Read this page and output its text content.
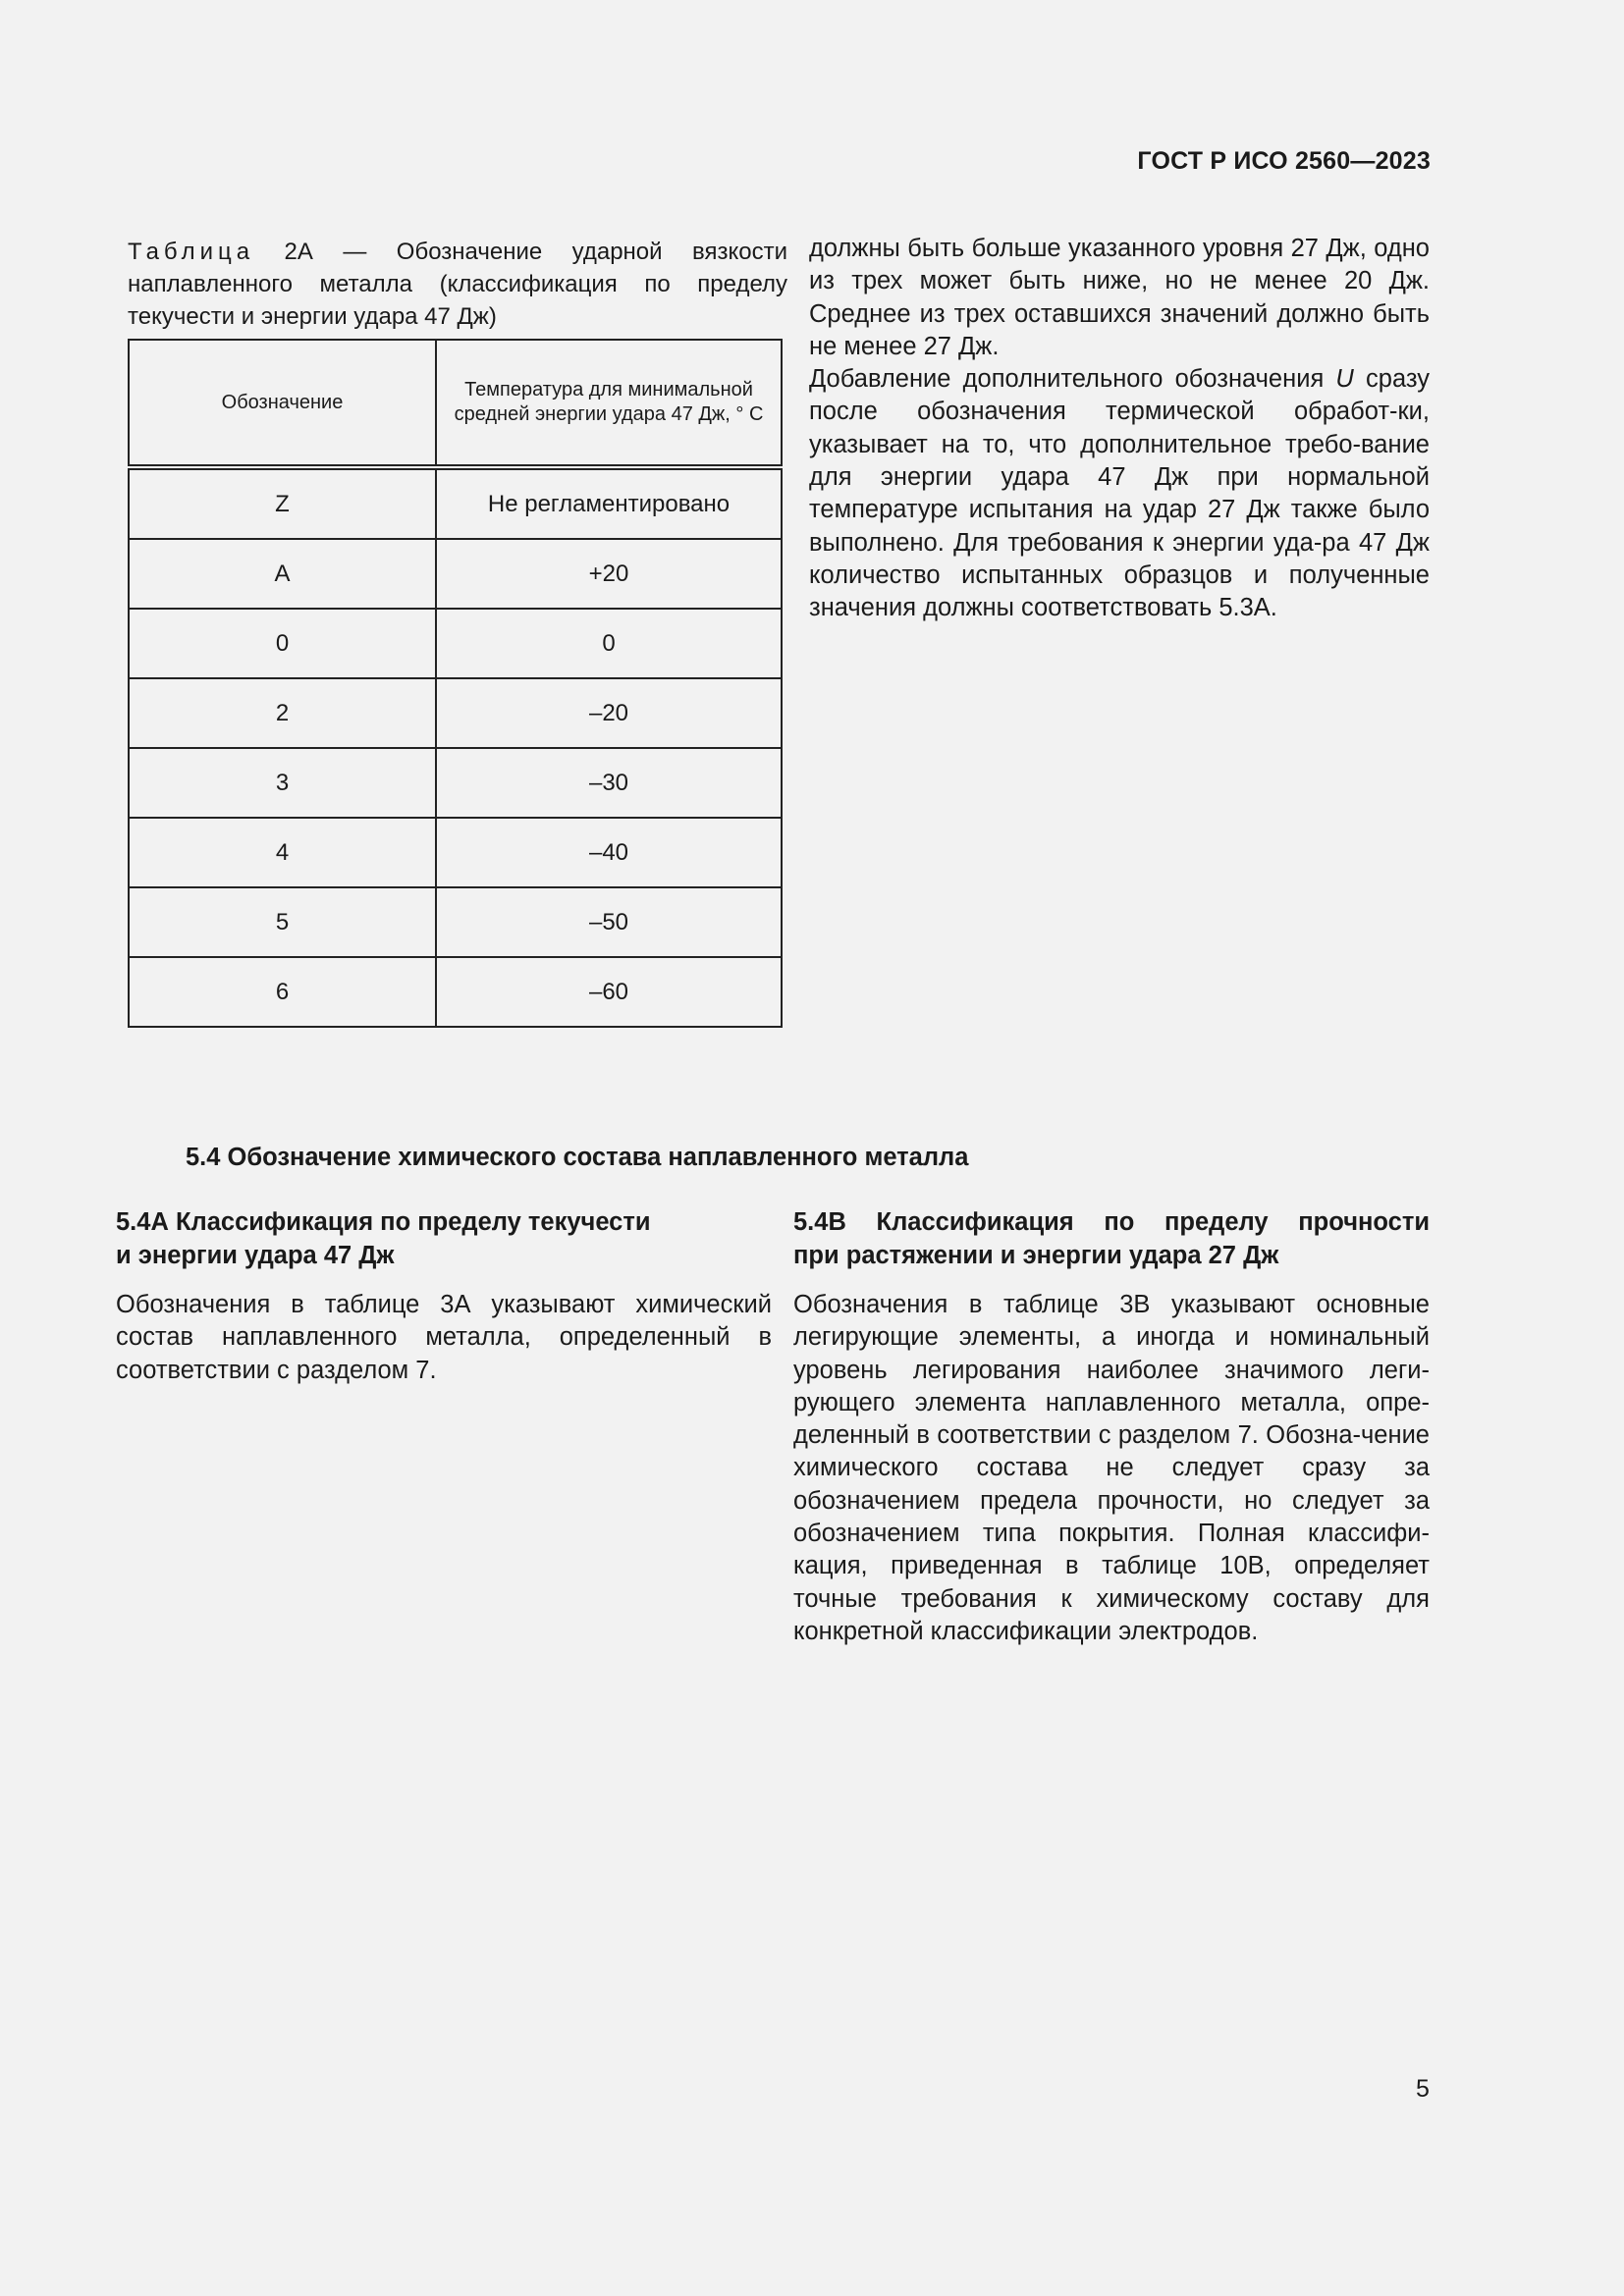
ГОСТ Р ИСО 2560—2023
Таблица 2А — Обозначение ударной вязкости наплавленного металла (классификация по пределу текучести и энергии удара 47 Дж)
Обозначение	Температура для минимальной средней энергии удара 47 Дж, ° С
Z	Не регламентировано
А	+20
0	0
2	–20
3	–30
4	–40
5	–50
6	–60

должны быть больше указанного уровня 27 Дж, одно из трех может быть ниже, но не менее 20 Дж. Среднее из трех оставшихся значений должно быть не менее 27 Дж.

Добавление дополнительного обозначения U сразу после обозначения термической обработ-ки, указывает на то, что дополнительное требо-вание для энергии удара 47 Дж при нормальной температуре испытания на удар 27 Дж также было выполнено. Для требования к энергии уда-ра 47 Дж количество испытанных образцов и полученные значения должны соответствовать 5.3А.

5.4 Обозначение химического состава наплавленного металла
5.4А Классификация по пределу текучести
и энергии удара 47 Дж
Обозначения в таблице 3А указывают химический состав наплавленного металла, определенный в соответствии с разделом 7.
5.4В Классификация по пределу прочности
при растяжении и энергии удара 27 Дж
Обозначения в таблице 3В указывают основные легирующие элементы, а иногда и номинальный уровень легирования наиболее значимого леги-рующего элемента наплавленного металла, опре-деленный в соответствии с разделом 7. Обозна-чение химического состава не следует сразу за обозначением предела прочности, но следует за обозначением типа покрытия. Полная классифи-кация, приведенная в таблице 10В, определяет точные требования к химическому составу для конкретной классификации электродов.
5
